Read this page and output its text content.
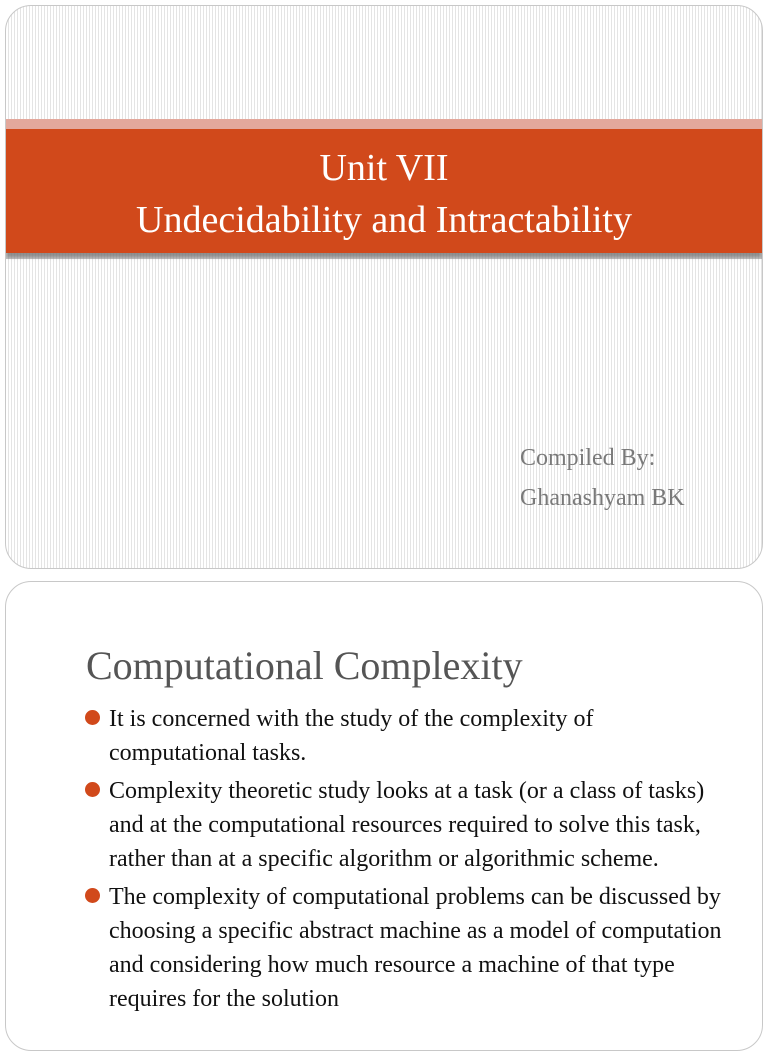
Unit VII
Undecidability and Intractability
Compiled By:
Ghanashyam BK
Computational Complexity
It is concerned with the study of the complexity of computational tasks.
Complexity theoretic study looks at a task (or a class of tasks) and at the computational resources required to solve this task, rather than at a specific algorithm or algorithmic scheme.
The complexity of computational problems can be discussed by choosing a specific abstract machine as a model of computation and considering how much resource a machine of that type requires for the solution
